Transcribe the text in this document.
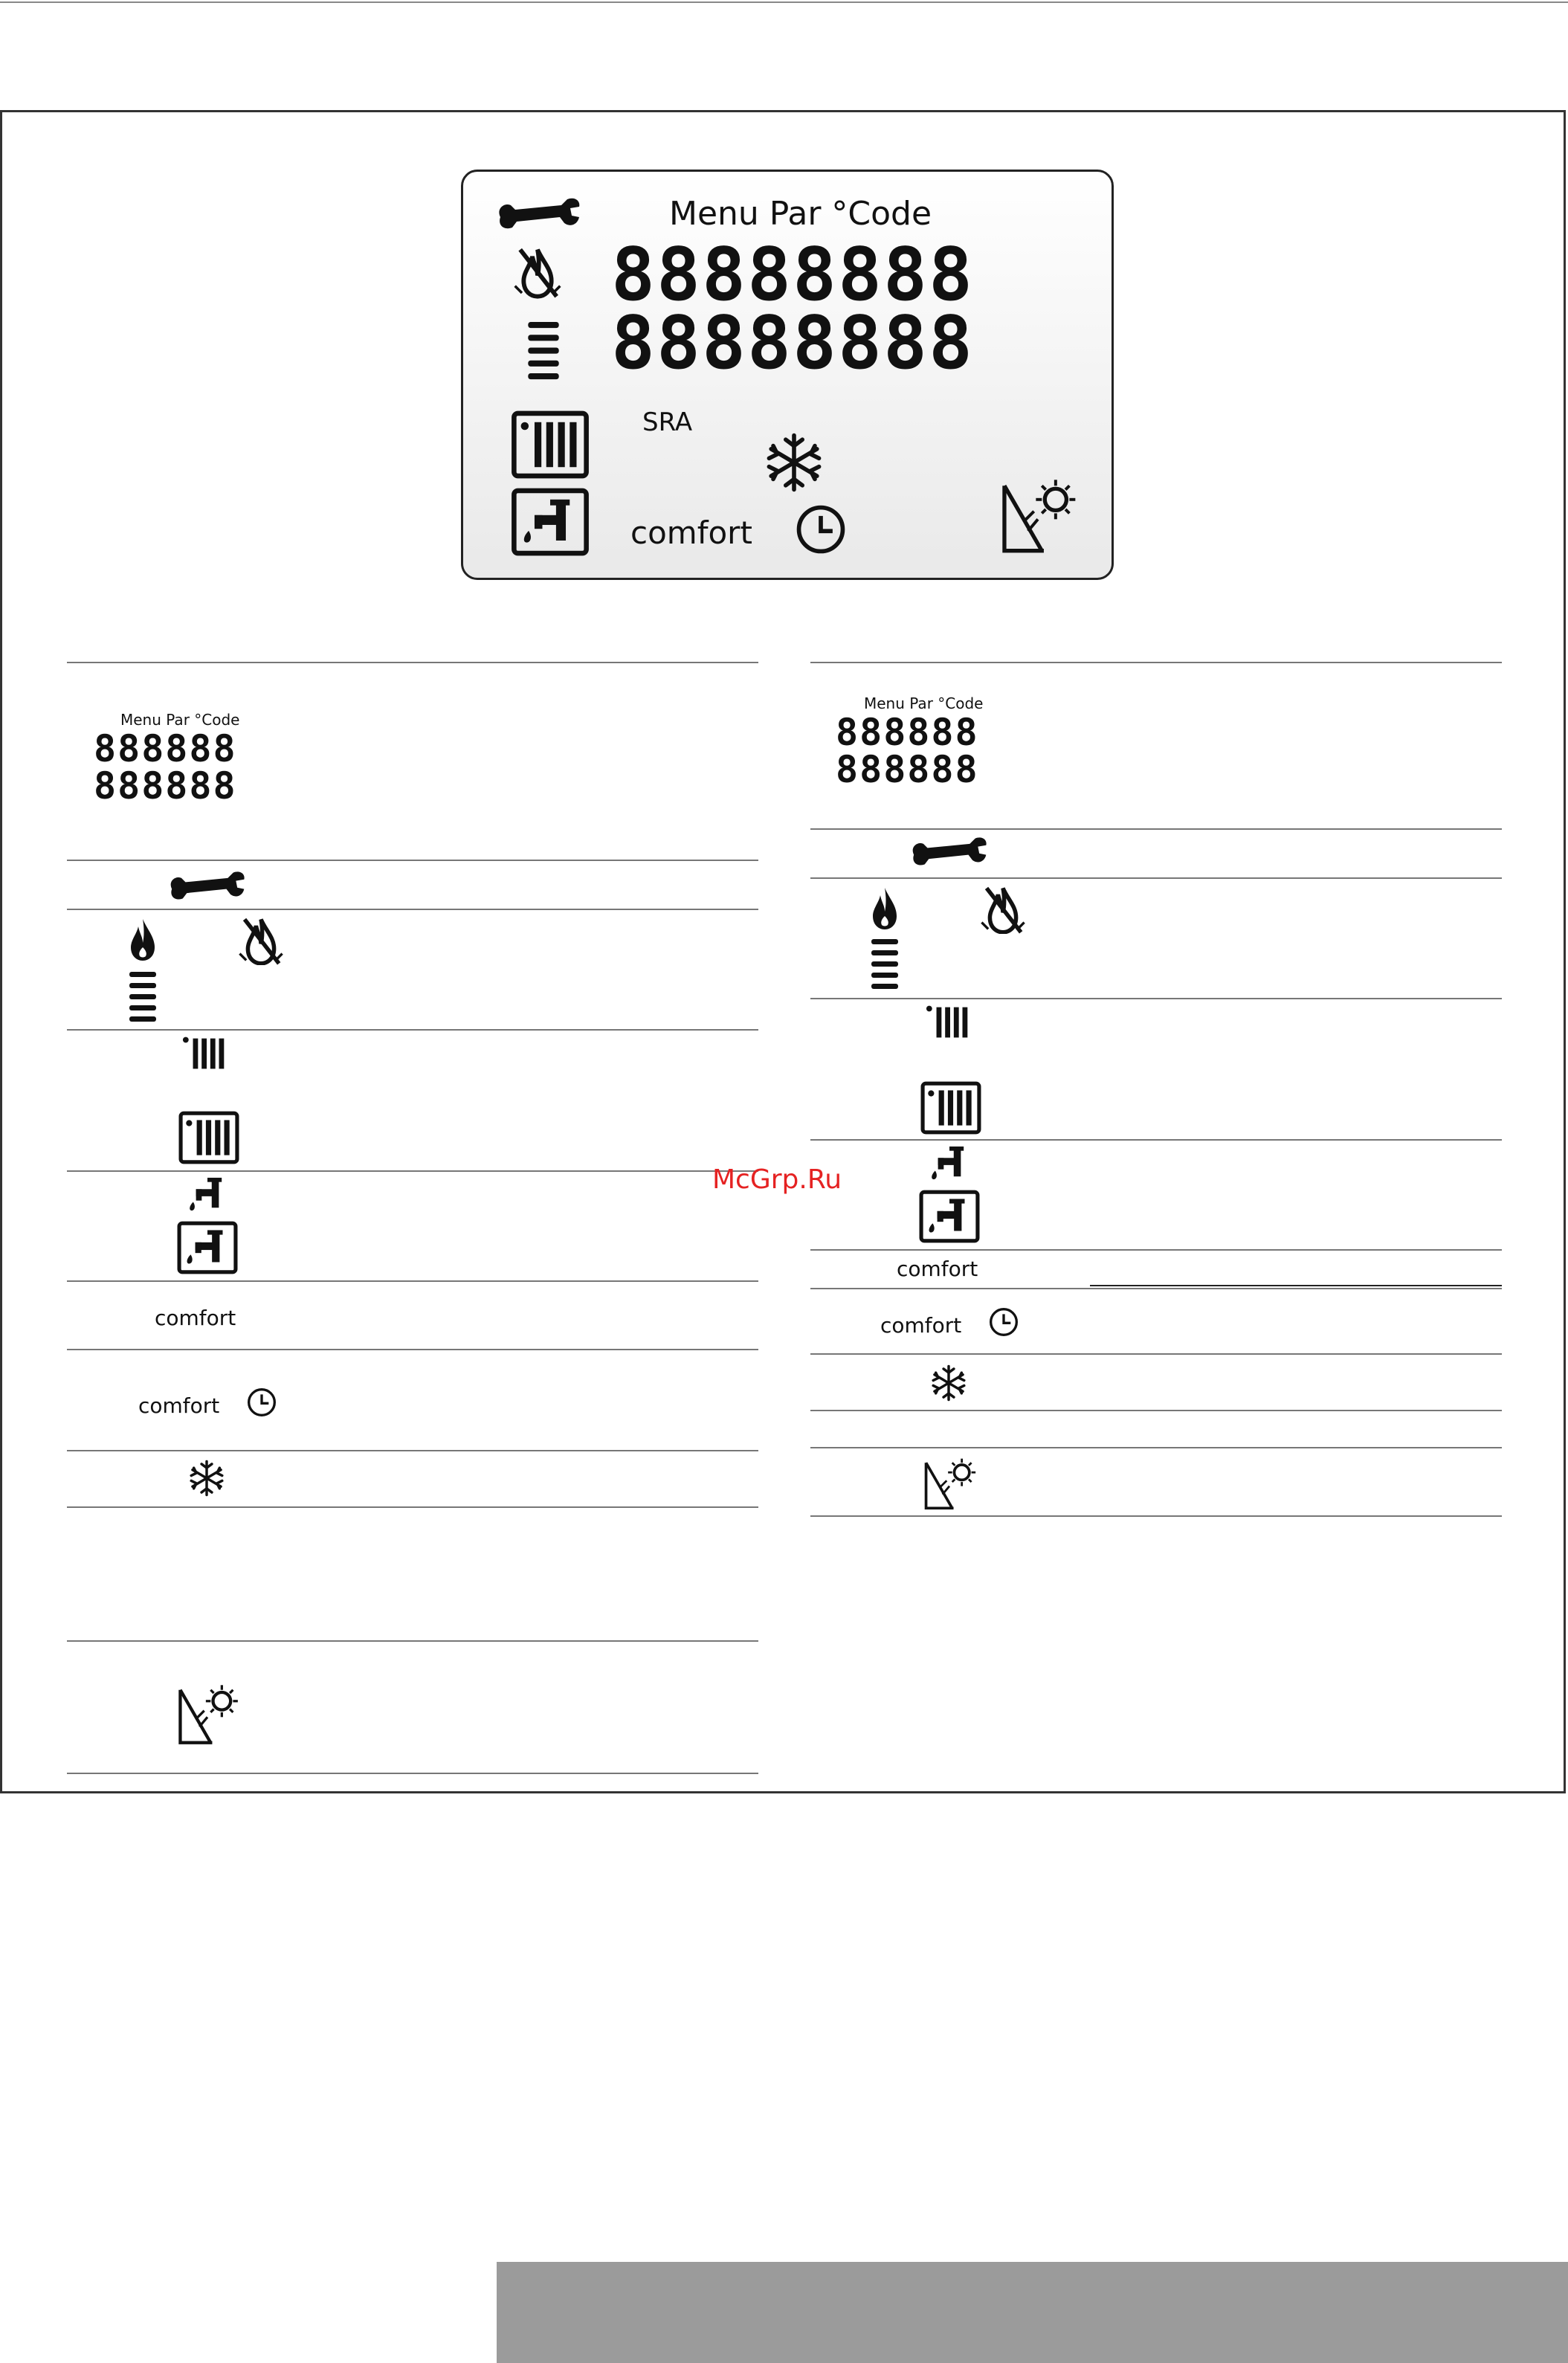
Menu Par °Code
88888888
88888888
SRA
comfort
Menu Par °Code
888888
888888
comfort
comfort
Menu Par °Code
888888
888888
comfort
comfort
McGrp.Ru
